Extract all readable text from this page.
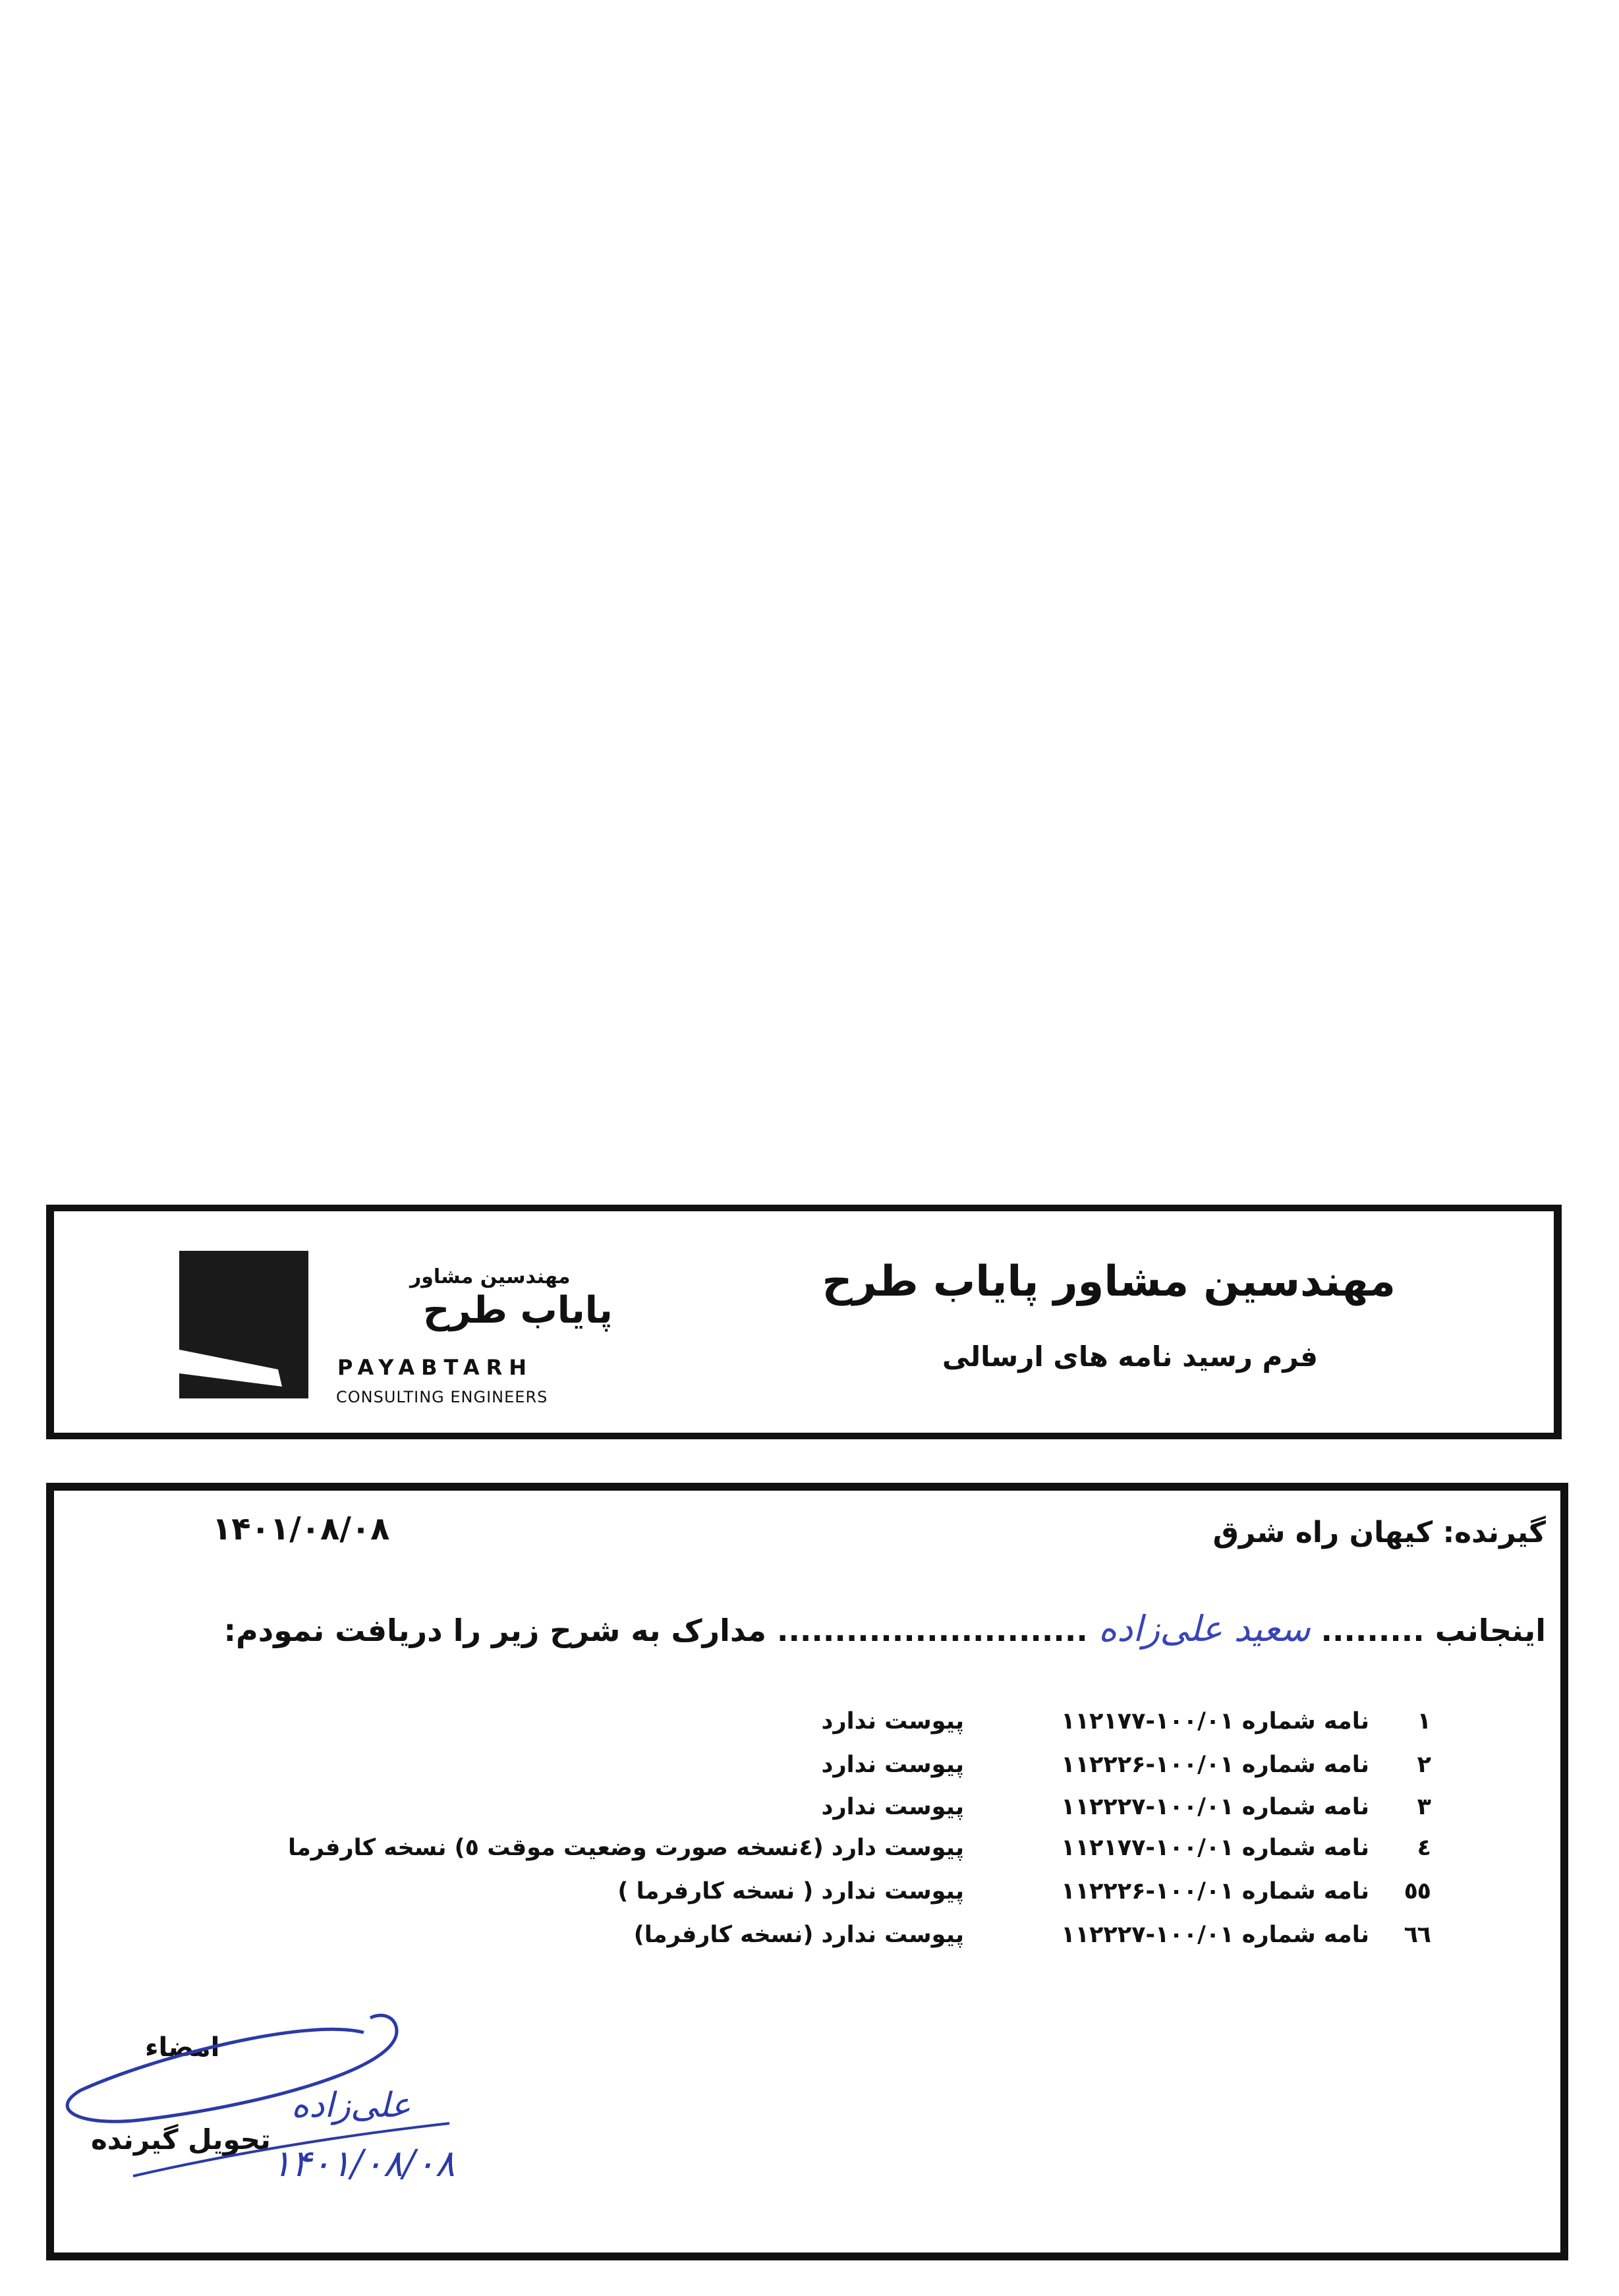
مهندسین مشاور
پایاب طرح
PAYABTARH
CONSULTING ENGINEERS
مهندسین مشاور پایاب طرح
فرم رسید نامه های ارسالی
گیرنده: کیهان راه شرق
۱۴۰۱/۰۸/۰۸
اینجانب ......... سعید علی‌زاده ........................... مدارک به شرح زیر را دریافت نمودم:
۱
نامه شماره ۱۰۰/۰۱-۱۱۲۱۷۷
پیوست ندارد
۲
نامه شماره ۱۰۰/۰۱-۱۱۲۲۲۶
پیوست ندارد
۳
نامه شماره ۱۰۰/۰۱-۱۱۲۲۲۷
پیوست ندارد
٤
نامه شماره ۱۰۰/۰۱-۱۱۲۱۷۷
پیوست دارد (٤نسخه صورت وضعیت موقت ٥) نسخه کارفرما
٥
٥
نامه شماره ۱۰۰/۰۱-۱۱۲۲۲۶
پیوست ندارد ( نسخه کارفرما )
٦
٦
نامه شماره ۱۰۰/۰۱-۱۱۲۲۲۷
پیوست ندارد (نسخه کارفرما)
امضاء
تحویل گیرنده
علی‌زاده
۱۴۰۱/۰۸/۰۸
